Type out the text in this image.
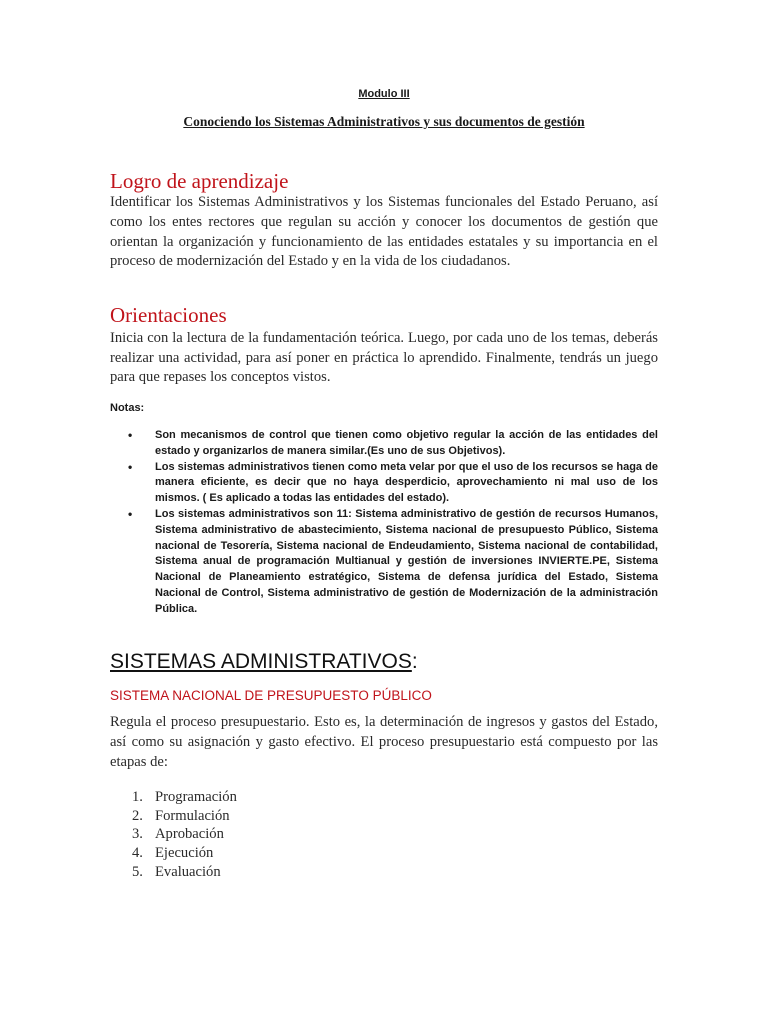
Modulo III
Conociendo los Sistemas Administrativos y sus documentos de gestión
Logro de aprendizaje

Identificar los Sistemas Administrativos y los Sistemas funcionales del Estado Peruano, así como los entes rectores que regulan su acción y conocer los documentos de gestión que orientan la organización y funcionamiento de las entidades estatales y su importancia en el proceso de modernización del Estado y en la vida de los ciudadanos.

Orientaciones

Inicia con la lectura de la fundamentación teórica. Luego, por cada uno de los temas, deberás realizar una actividad, para así poner en práctica lo aprendido. Finalmente, tendrás un juego para que repases los conceptos vistos.

Notas:
• Son mecanismos de control que tienen como objetivo regular la acción de las entidades del estado y organizarlos de manera similar.(Es uno de sus Objetivos).
• Los sistemas administrativos tienen como meta velar por que el uso de los recursos se haga de manera eficiente, es decir que no haya desperdicio, aprovechamiento ni mal uso de los mismos. ( Es aplicado a todas las entidades del estado).
• Los sistemas administrativos son 11: Sistema administrativo de gestión de recursos Humanos, Sistema administrativo de abastecimiento, Sistema nacional de presupuesto Público, Sistema nacional de Tesorería, Sistema nacional de Endeudamiento, Sistema nacional de contabilidad, Sistema anual de programación Multianual y gestión de inversiones INVIERTE.PE, Sistema Nacional de Planeamiento estratégico, Sistema de defensa jurídica del Estado, Sistema Nacional de Control, Sistema administrativo de gestión de Modernización de la administración Pública.
SISTEMAS ADMINISTRATIVOS:
SISTEMA NACIONAL DE PRESUPUESTO PÚBLICO

Regula el proceso presupuestario. Esto es, la determinación de ingresos y gastos del Estado, así como su asignación y gasto efectivo. El proceso presupuestario está compuesto por las etapas de:

1. Programación
2. Formulación
3. Aprobación
4. Ejecución
5. Evaluación
